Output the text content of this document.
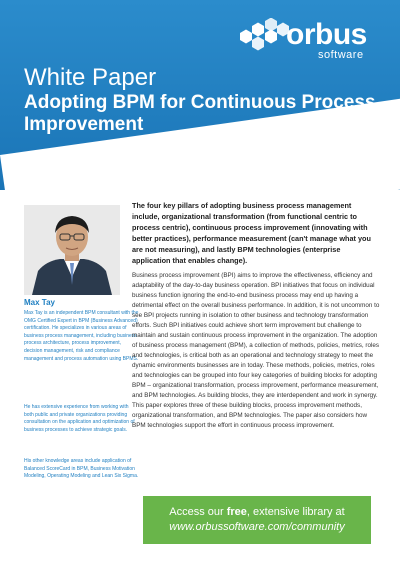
orbus
software
White Paper
Adopting BPM for Continuous Process Improvement
WP0110 October 2013
Max Tay
Max Tay is an independent BPM consultant with the OMG Certified Expert in BPM (Business Advanced) certification. He specializes in various areas of business process management, including business process architecture, process improvement, decision management, risk and compliance management and process automation using BPMS.
He has extensive experience from working with both public and private organizations providing consultation on the application and optimization of business processes to achieve strategic goals.
His other knowledge areas include application of Balanced ScoreCard in BPM, Business Motivation Modeling, Operating Modeling and Lean Six Sigma.
The four key pillars of adopting business process management include, organizational transformation (from functional centric to process centric), continuous process improvement (innovating with better practices), performance measurement (can't manage what you are not measuring), and lastly BPM technologies (enterprise application that enables change).
Business process improvement (BPI) aims to improve the effectiveness, efficiency and adaptability of the day-to-day business operation. BPI initiatives that focus on individual business function ignoring the end-to-end business process may end up having a detrimental effect on the overall business performance. In addition, it is not uncommon to see BPI projects running in isolation to other business and technology transformation efforts. Such BPI initiatives could achieve short term improvement but challenge to maintain and sustain continuous process improvement in the organization. The adoption of business process management (BPM), a collection of methods, policies, metrics, roles and technologies, is critical both as an operational and technology strategy to meet the dynamic environments businesses are in today. These methods, policies, metrics, roles and technologies can be grouped into four key categories of building blocks for adopting BPM – organizational transformation, process improvement, performance measurement, and BPM technologies. As building blocks, they are interdependent and work in synergy. This paper explores three of these building blocks, process improvement methods, organizational transformation, and BPM technologies. The paper also considers how BPM technologies support the effort in continuous process improvement.
Access our free, extensive library at
www.orbussoftware.com/community
